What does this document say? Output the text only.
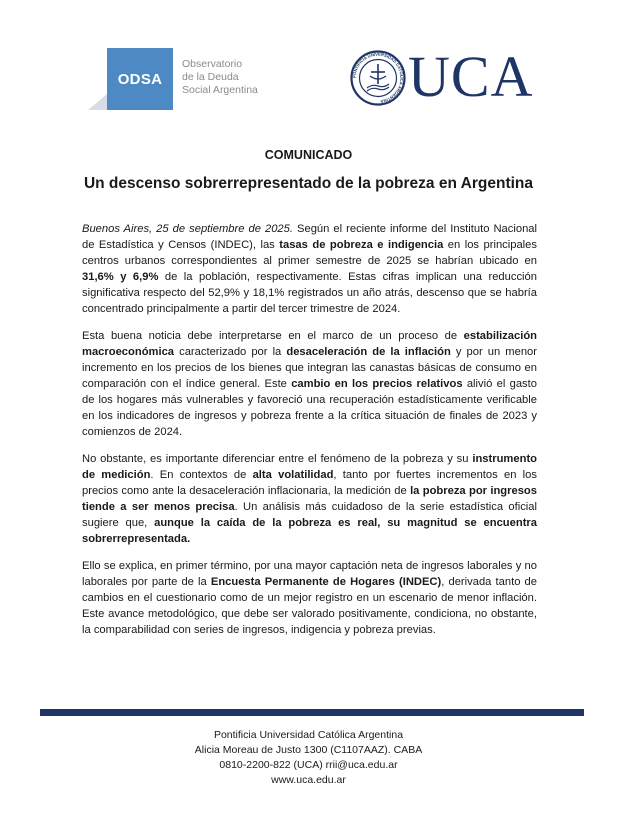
ODSA
Observatorio
de la Deuda
Social Argentina
PONTIFICIA UNIVERSIDAD CATÓLICA ARGENTINA UCA
COMUNICADO
Un descenso sobrerrepresentado de la pobreza en Argentina

Buenos Aires, 25 de septiembre de 2025. Según el reciente informe del Instituto Nacional de Estadística y Censos (INDEC), las tasas de pobreza e indigencia en los principales centros urbanos correspondientes al primer semestre de 2025 se habrían ubicado en 31,6% y 6,9% de la población, respectivamente. Estas cifras implican una reducción significativa respecto del 52,9% y 18,1% registrados un año atrás, descenso que se habría concentrado principalmente a partir del tercer trimestre de 2024.

Esta buena noticia debe interpretarse en el marco de un proceso de estabilización macroeconómica caracterizado por la desaceleración de la inflación y por un menor incremento en los precios de los bienes que integran las canastas básicas de consumo en comparación con el índice general. Este cambio en los precios relativos alivió el gasto de los hogares más vulnerables y favoreció una recuperación estadísticamente verificable en los indicadores de ingresos y pobreza frente a la crítica situación de finales de 2023 y comienzos de 2024.

No obstante, es importante diferenciar entre el fenómeno de la pobreza y su instrumento de medición. En contextos de alta volatilidad, tanto por fuertes incrementos en los precios como ante la desaceleración inflacionaria, la medición de la pobreza por ingresos tiende a ser menos precisa. Un análisis más cuidadoso de la serie estadística oficial sugiere que, aunque la caída de la pobreza es real, su magnitud se encuentra sobrerrepresentada.

Ello se explica, en primer término, por una mayor captación neta de ingresos laborales y no laborales por parte de la Encuesta Permanente de Hogares (INDEC), derivada tanto de cambios en el cuestionario como de un mejor registro en un escenario de menor inflación. Este avance metodológico, que debe ser valorado positivamente, condiciona, no obstante, la comparabilidad con series de ingresos, indigencia y pobreza previas.

Pontificia Universidad Católica Argentina
Alicia Moreau de Justo 1300 (C1107AAZ). CABA
0810-2200-822 (UCA) rrii@uca.edu.ar
www.uca.edu.ar
